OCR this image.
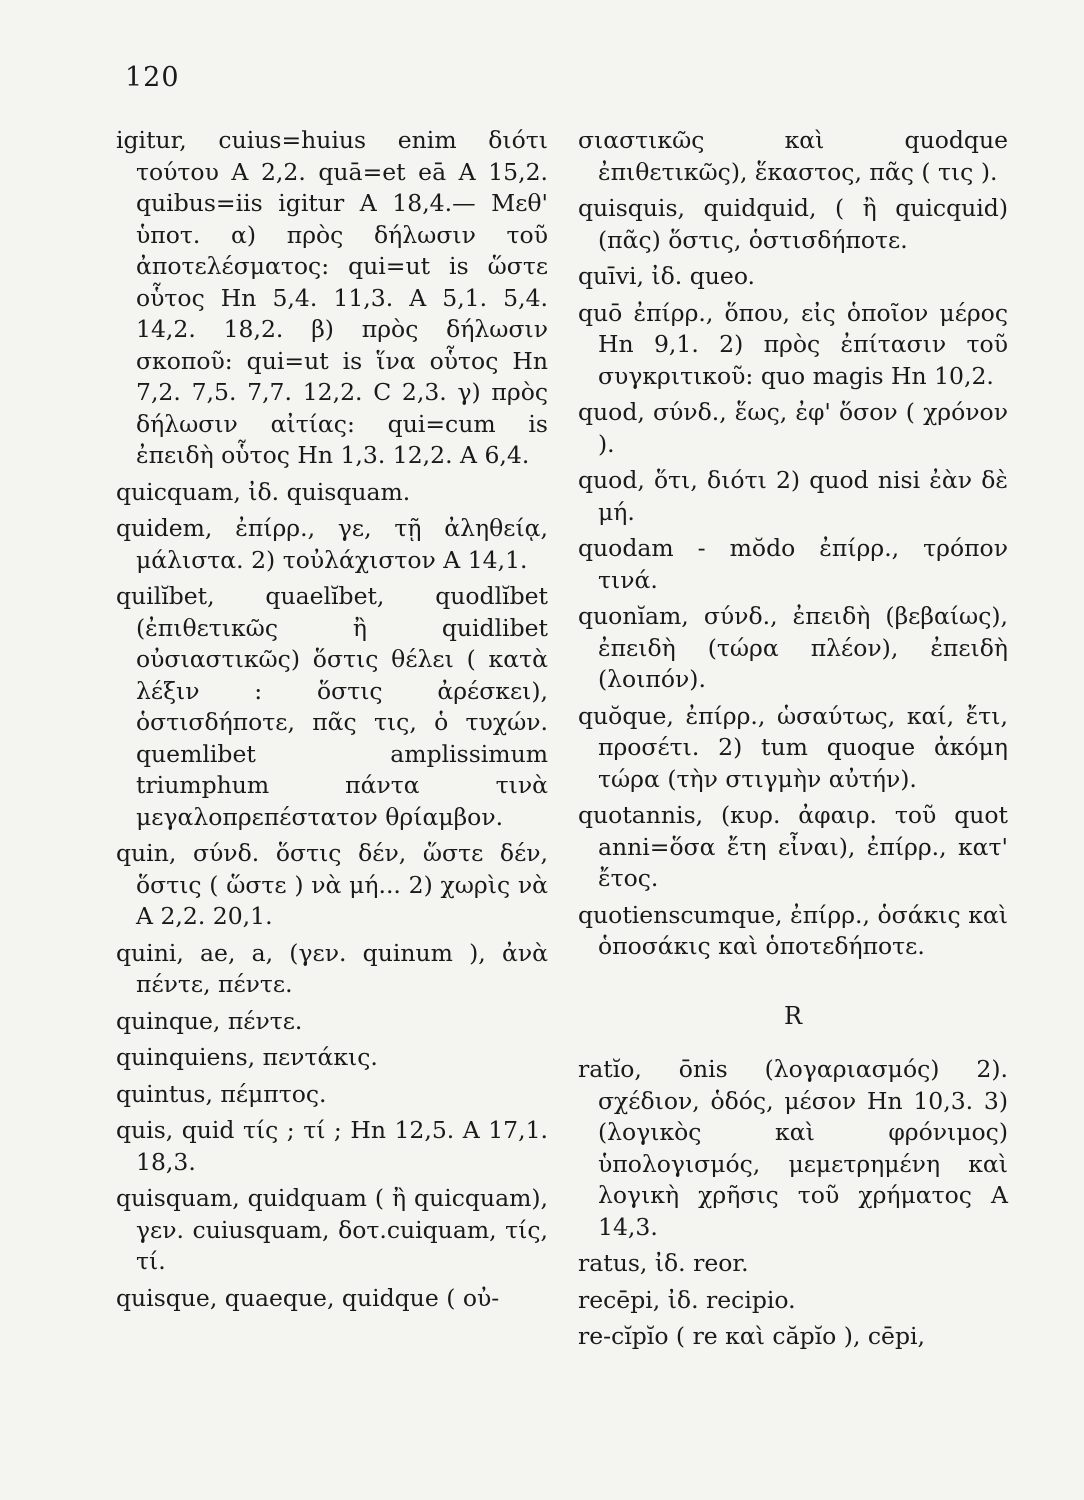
120

igitur, cuius=huius enim διότι τούτου A 2,2. quā=et eā A 15,2. quibus=iis igitur A 18,4.— Μεθ' ὑποτ. α) πρὸς δήλωσιν τοῦ ἀποτελέσματος: qui=ut is ὥστε οὗτος Hn 5,4. 11,3. A 5,1. 5,4. 14,2. 18,2. β) πρὸς δήλωσιν σκοποῦ: qui=ut is ἵνα οὗτος Hn 7,2. 7,5. 7,7. 12,2. C 2,3. γ) πρὸς δήλωσιν αἰτίας: qui=cum is ἐπειδὴ οὗτος Hn 1,3. 12,2. A 6,4.

quicquam, ἰδ. quisquam.

quidem, ἐπίρρ., γε, τῇ ἀληθείᾳ, μάλιστα. 2) τοὐλάχιστον A 14,1.

quilĭbet, quaelĭbet, quodlĭbet (ἐπιθετικῶς ἢ quidlibet οὐσιαστικῶς) ὅστις θέλει ( κατὰ λέξιν : ὅστις ἀρέσκει), ὁστισδήποτε, πᾶς τις, ὁ τυχών. quemlibet amplissimum triumphum πάντα τινὰ μεγαλοπρεπέστατον θρίαμβον.

quin, σύνδ. ὅστις δέν, ὥστε δέν, ὅστις ( ὥστε ) νὰ μή... 2) χωρὶς νὰ A 2,2. 20,1.

quini, ae, a, (γεν. quinum ), ἀνὰ πέντε, πέντε.

quinque, πέντε.

quinquiens, πεντάκις.

quintus, πέμπτος.

quis, quid τίς ; τί ; Hn 12,5. A 17,1. 18,3.

quisquam, quidquam ( ἢ quicquam), γεν. cuiusquam, δοτ.cuiquam, τίς, τί.

quisque, quaeque, quidque ( οὐ-

σιαστικῶς καὶ quodque ἐπιθετικῶς), ἕκαστος, πᾶς ( τις ).

quisquis, quidquid, ( ἢ quicquid) (πᾶς) ὅστις, ὁστισδήποτε.

quīvi, ἰδ. queo.

quō ἐπίρρ., ὅπου, εἰς ὁποῖον μέρος Hn 9,1. 2) πρὸς ἐπίτασιν τοῦ συγκριτικοῦ: quo magis Hn 10,2.

quod, σύνδ., ἕως, ἐφ' ὅσον ( χρόνον ).

quod, ὅτι, διότι 2) quod nisi ἐὰν δὲ μή.

quodam - mŏdo ἐπίρρ., τρόπον τινά.

quonĭam, σύνδ., ἐπειδὴ (βεβαίως), ἐπειδὴ (τώρα πλέον), ἐπειδὴ (λοιπόν).

quŏque, ἐπίρρ., ὡσαύτως, καί, ἔτι, προσέτι. 2) tum quoque ἀκόμη τώρα (τὴν στιγμὴν αὐτήν).

quotannis, (κυρ. ἀφαιρ. τοῦ quot anni=ὅσα ἔτη εἶναι), ἐπίρρ., κατ' ἔτος.

quotienscumque, ἐπίρρ., ὁσάκις καὶ ὁποσάκις καὶ ὁποτεδήποτε.

R

ratĭo, ōnis (λογαριασμός) 2). σχέδιον, ὁδός, μέσον Hn 10,3. 3) (λογικὸς καὶ φρόνιμος) ὑπολογισμός, μεμετρημένη καὶ λογικὴ χρῆσις τοῦ χρήματος A 14,3.

ratus, ἰδ. reor.

recēpi, ἰδ. recipio.

re-cĭpĭo ( re καὶ căpĭo ), cēpi,
